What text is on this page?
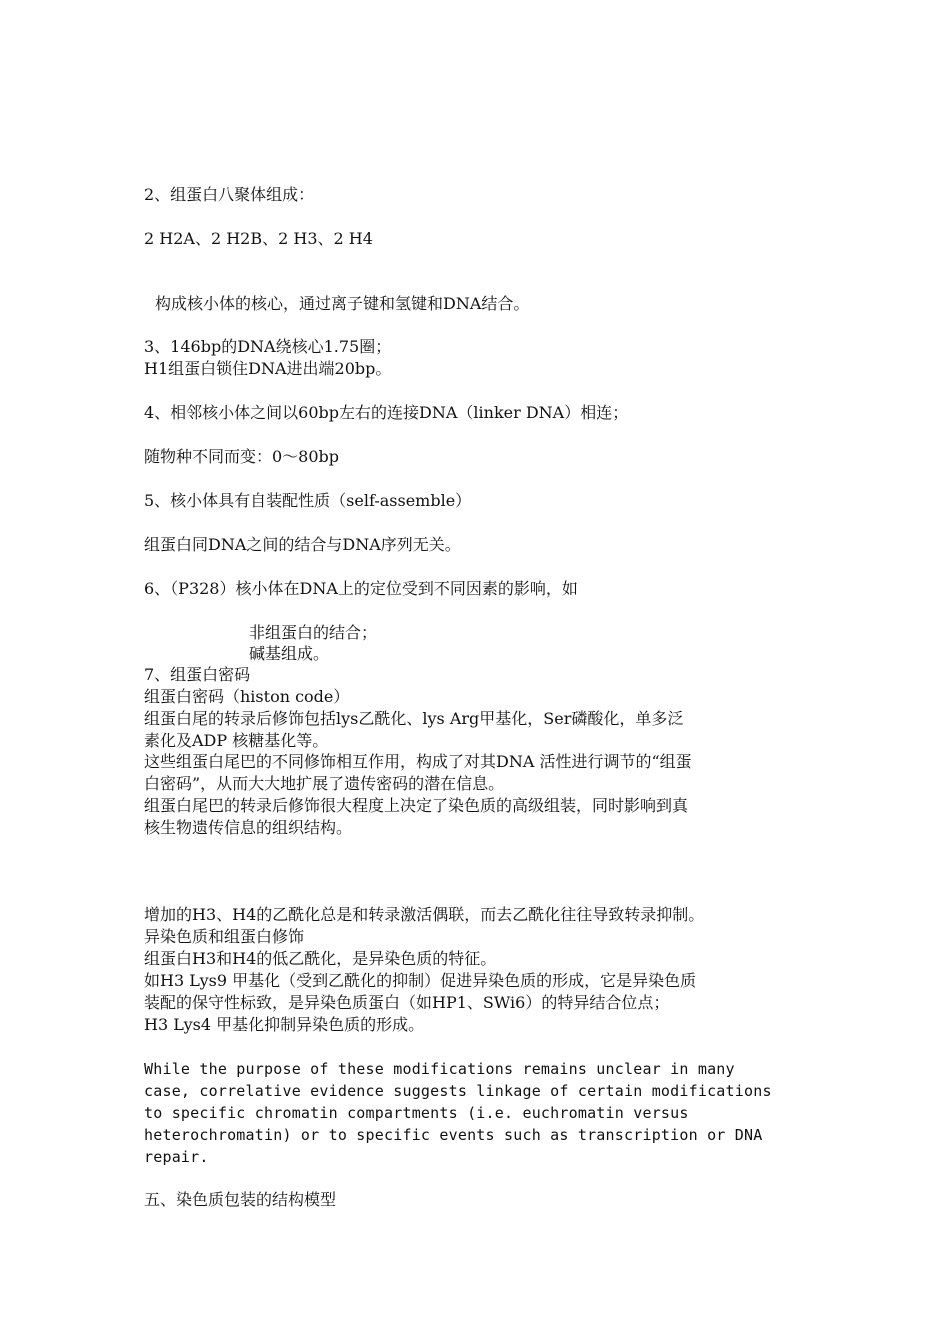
2、组蛋白八聚体组成：
2 H2A、2 H2B、2 H3、2 H4
构成核小体的核心，通过离子键和氢键和DNA结合。
3、146bp的DNA绕核心1.75圈；
H1组蛋白锁住DNA进出端20bp。
4、相邻核小体之间以60bp左右的连接DNA（linker DNA）相连；
随物种不同而变：0～80bp
5、核小体具有自装配性质（self-assemble）
组蛋白同DNA之间的结合与DNA序列无关。
6、（P328）核小体在DNA上的定位受到不同因素的影响，如
非组蛋白的结合；
碱基组成。
7、组蛋白密码
组蛋白密码（histon code）
组蛋白尾的转录后修饰包括lys乙酰化、lys Arg甲基化，Ser磷酸化，单多泛
素化及ADP 核糖基化等。
这些组蛋白尾巴的不同修饰相互作用，构成了对其DNA 活性进行调节的“组蛋
白密码”，从而大大地扩展了遗传密码的潜在信息。
组蛋白尾巴的转录后修饰很大程度上决定了染色质的高级组装，同时影响到真
核生物遗传信息的组织结构。
增加的H3、H4的乙酰化总是和转录激活偶联，而去乙酰化往往导致转录抑制。
异染色质和组蛋白修饰
组蛋白H3和H4的低乙酰化，是异染色质的特征。
如H3 Lys9 甲基化（受到乙酰化的抑制）促进异染色质的形成，它是异染色质
装配的保守性标致，是异染色质蛋白（如HP1、SWi6）的特异结合位点；
H3 Lys4 甲基化抑制异染色质的形成。
While the purpose of these modifications remains unclear in many
case, correlative evidence suggests linkage of certain modifications
to specific chromatin compartments (i.e. euchromatin versus
heterochromatin) or to specific events such as transcription or DNA
repair.
五、染色质包装的结构模型
